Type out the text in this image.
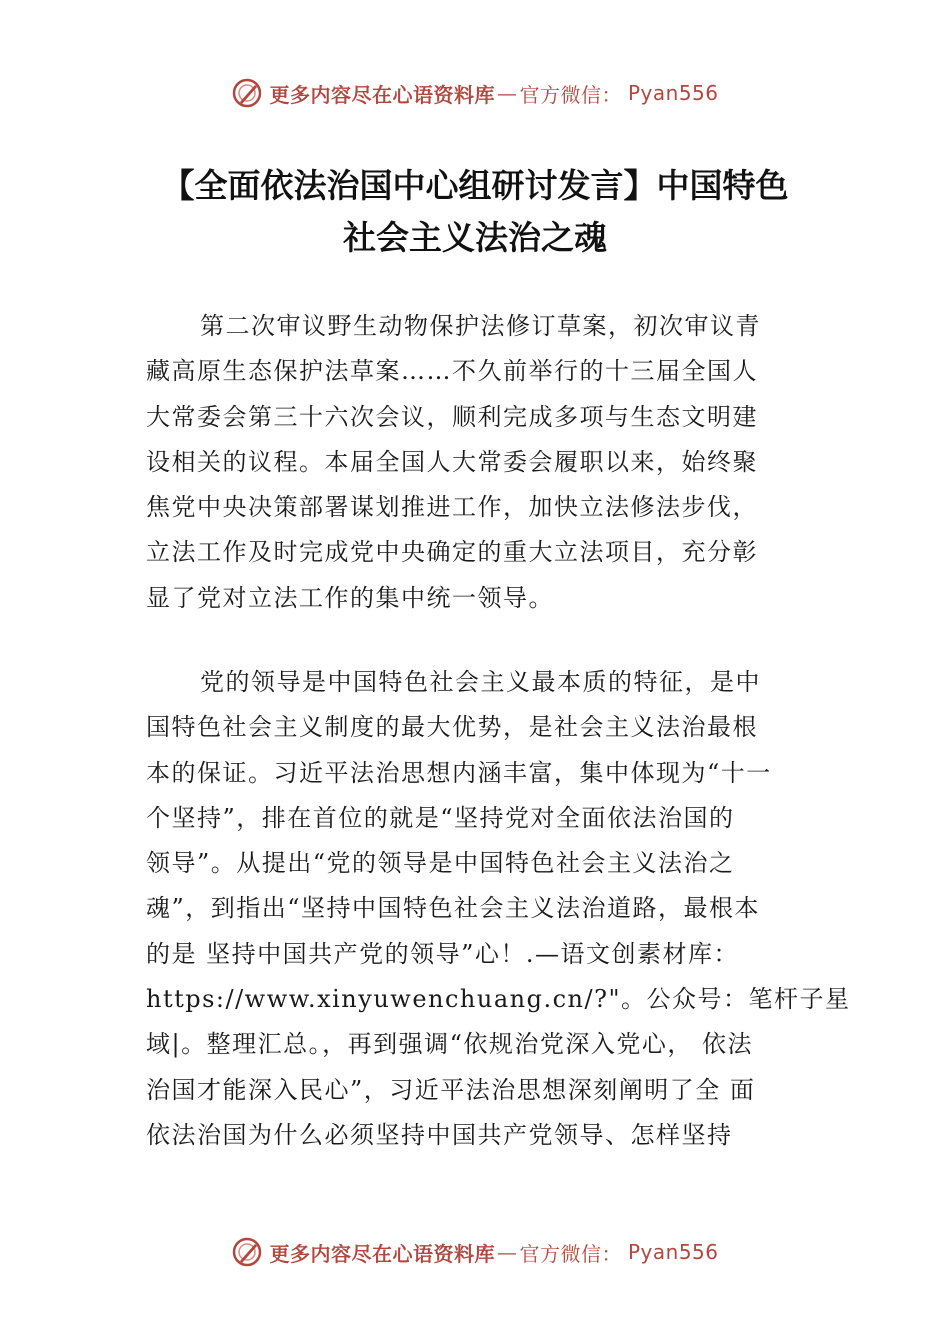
更多内容尽在心语资料库 — 官方微信： Pyan556
【全面依法治国中心组研讨发言】中国特色
社会主义法治之魂

第二次审议野生动物保护法修订草案，初次审议青
藏高原生态保护法草案……不久前举行的十三届全国人
大常委会第三十六次会议，顺利完成多项与生态文明建
设相关的议程。本届全国人大常委会履职以来，始终聚
焦党中央决策部署谋划推进工作，加快立法修法步伐，
立法工作及时完成党中央确定的重大立法项目，充分彰
显了党对立法工作的集中统一领导。

党的领导是中国特色社会主义最本质的特征，是中
国特色社会主义制度的最大优势，是社会主义法治最根
本的保证。习近平法治思想内涵丰富，集中体现为“十一
个坚持”，排在首位的就是“坚持党对全面依法治国的
领导”。从提出“党的领导是中国特色社会主义法治之
魂”，到指出“坚持中国特色社会主义法治道路，最根本
的是 坚持中国共产党的领导”心！.—语文创素材库：
https://www.xinyuwenchuang.cn/?"。公众号：笔杆子星
域|。整理汇总。，再到强调“依规治党深入党心， 依法
治国才能深入民心”，习近平法治思想深刻阐明了全 面
依法治国为什么必须坚持中国共产党领导、怎样坚持

更多内容尽在心语资料库 — 官方微信： Pyan556
